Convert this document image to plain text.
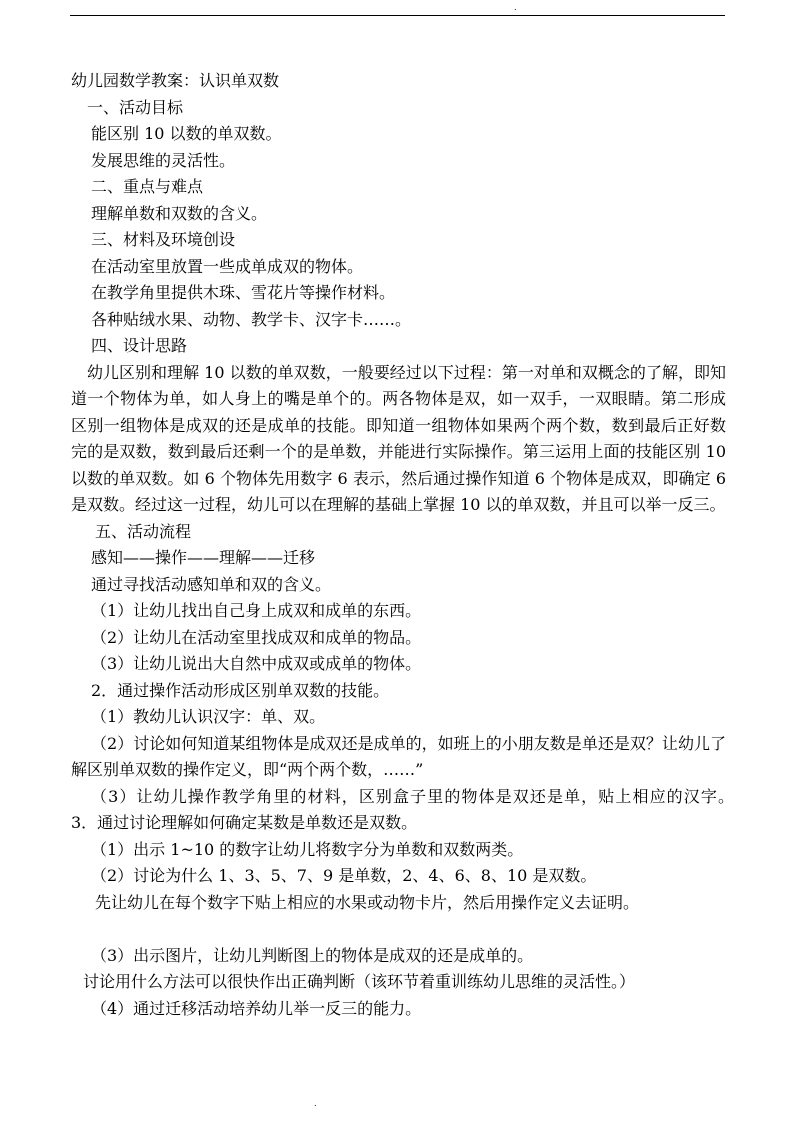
.

幼儿园数学教案：认识单双数

一、活动目标

能区别 10 以数的单双数。

发展思维的灵活性。

二、重点与难点

理解单数和双数的含义。

三、材料及环境创设

在活动室里放置一些成单成双的物体。

在教学角里提供木珠、雪花片等操作材料。

各种贴绒水果、动物、教学卡、汉字卡……。

四、设计思路

幼儿区别和理解 10 以数的单双数，一般要经过以下过程：第一对单和双概念的了解，即知道一个物体为单，如人身上的嘴是单个的。两各物体是双，如一双手，一双眼睛。第二形成区别一组物体是成双的还是成单的技能。即知道一组物体如果两个两个数，数到最后正好数完的是双数，数到最后还剩一个的是单数，并能进行实际操作。第三运用上面的技能区别 10 以数的单双数。如 6 个物体先用数字 6 表示，然后通过操作知道 6 个物体是成双，即确定 6 是双数。经过这一过程，幼儿可以在理解的基础上掌握 10 以的单双数，并且可以举一反三。

五、活动流程

感知——操作——理解——迁移

通过寻找活动感知单和双的含义。

（1）让幼儿找出自己身上成双和成单的东西。

（2）让幼儿在活动室里找成双和成单的物品。

（3）让幼儿说出大自然中成双或成单的物体。

2．通过操作活动形成区别单双数的技能。

（1）教幼儿认识汉字：单、双。

（2）讨论如何知道某组物体是成双还是成单的，如班上的小朋友数是单还是双？让幼儿了解区别单双数的操作定义，即“两个两个数，……”

（3）让幼儿操作教学角里的材料，区别盒子里的物体是双还是单，贴上相应的汉字。　　3．通过讨论理解如何确定某数是单数还是双数。

（1）出示 1~10 的数字让幼儿将数字分为单数和双数两类。

（2）讨论为什么 1、3、5、7、9 是单数，2、4、6、8、10 是双数。

先让幼儿在每个数字下贴上相应的水果或动物卡片，然后用操作定义去证明。

（3）出示图片，让幼儿判断图上的物体是成双的还是成单的。

讨论用什么方法可以很快作出正确判断（该环节着重训练幼儿思维的灵活性。）

（4）通过迁移活动培养幼儿举一反三的能力。

.
